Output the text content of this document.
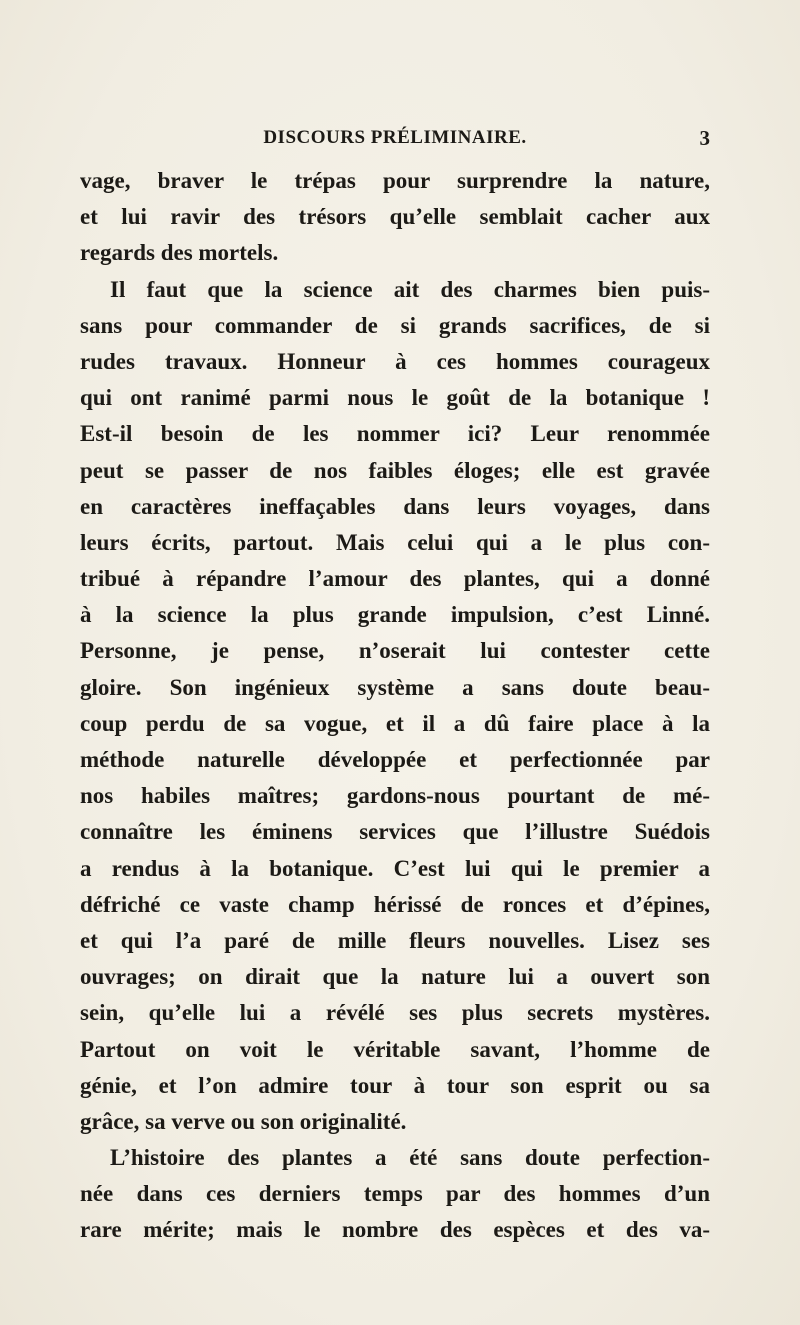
DISCOURS PRÉLIMINAIRE.	3
vage, braver le trépas pour surprendre la nature,
et lui ravir des trésors qu’elle semblait cacher aux
regards des mortels.
Il faut que la science ait des charmes bien puis-
sans pour commander de si grands sacrifices, de si
rudes travaux. Honneur à ces hommes courageux
qui ont ranimé parmi nous le goût de la botanique !
Est-il besoin de les nommer ici? Leur renommée
peut se passer de nos faibles éloges; elle est gravée
en caractères ineffaçables dans leurs voyages, dans
leurs écrits, partout. Mais celui qui a le plus con-
tribué à répandre l’amour des plantes, qui a donné
à la science la plus grande impulsion, c’est Linné.
Personne, je pense, n’oserait lui contester cette
gloire. Son ingénieux système a sans doute beau-
coup perdu de sa vogue, et il a dû faire place à la
méthode naturelle développée et perfectionnée par
nos habiles maîtres; gardons-nous pourtant de mé-
connaître les éminens services que l’illustre Suédois
a rendus à la botanique. C’est lui qui le premier a
défriché ce vaste champ hérissé de ronces et d’épines,
et qui l’a paré de mille fleurs nouvelles. Lisez ses
ouvrages; on dirait que la nature lui a ouvert son
sein, qu’elle lui a révélé ses plus secrets mystères.
Partout on voit le véritable savant, l’homme de
génie, et l’on admire tour à tour son esprit ou sa
grâce, sa verve ou son originalité.
L’histoire des plantes a été sans doute perfection-
née dans ces derniers temps par des hommes d’un
rare mérite; mais le nombre des espèces et des va-
